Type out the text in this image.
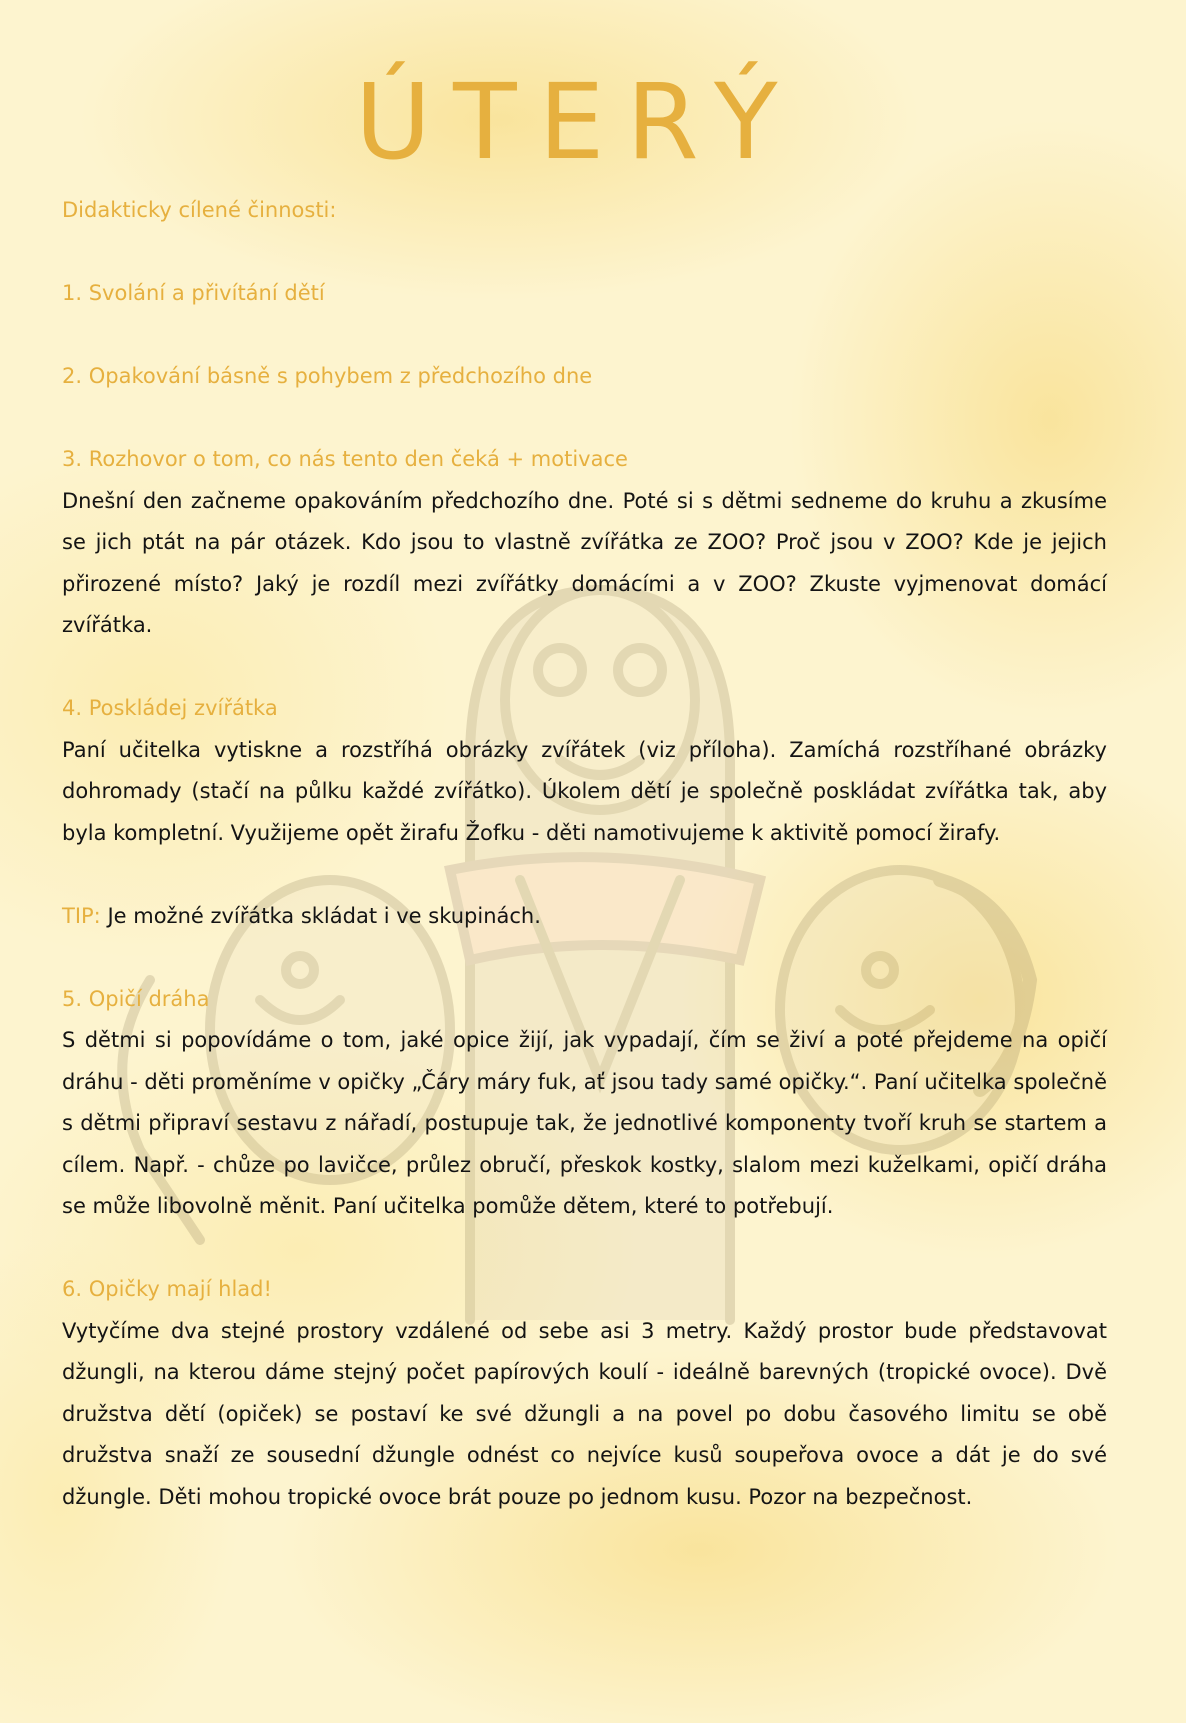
ÚTERÝ

Didakticky cílené činnosti:

1. Svolání a přivítání dětí

2. Opakování básně s pohybem z předchozího dne

3. Rozhovor o tom, co nás tento den čeká + motivace

Dnešní den začneme opakováním předchozího dne. Poté si s dětmi sedneme do kruhu a zkusíme se jich ptát na pár otázek. Kdo jsou to vlastně zvířátka ze ZOO? Proč jsou v ZOO? Kde je jejich přirozené místo? Jaký je rozdíl mezi zvířátky domácími a v ZOO? Zkuste vyjmenovat domácí zvířátka.

4. Poskládej zvířátka

Paní učitelka vytiskne a rozstříhá obrázky zvířátek (viz příloha). Zamíchá rozstříhané obrázky dohromady (stačí na půlku každé zvířátko). Úkolem dětí je společně poskládat zvířátka tak, aby byla kompletní. Využijeme opět žirafu Žofku - děti namotivujeme k aktivitě pomocí žirafy.

TIP: Je možné zvířátka skládat i ve skupinách.

5. Opičí dráha

S dětmi si popovídáme o tom, jaké opice žijí, jak vypadají, čím se živí a poté přejdeme na opičí dráhu - děti proměníme v opičky „Čáry máry fuk, ať jsou tady samé opičky.“. Paní učitelka společně s dětmi připraví sestavu z nářadí, postupuje tak, že jednotlivé komponenty tvoří kruh se startem a cílem. Např. - chůze po lavičce, průlez obručí, přeskok kostky, slalom mezi kuželkami, opičí dráha se může libovolně měnit. Paní učitelka pomůže dětem, které to potřebují.

6. Opičky mají hlad!

Vytyčíme dva stejné prostory vzdálené od sebe asi 3 metry. Každý prostor bude představovat džungli, na kterou dáme stejný počet papírových koulí - ideálně barevných (tropické ovoce). Dvě družstva dětí (opiček) se postaví ke své džungli a na povel po dobu časového limitu se obě družstva snaží ze sousední džungle odnést co nejvíce kusů soupeřova ovoce a dát je do své džungle. Děti mohou tropické ovoce brát pouze po jednom kusu. Pozor na bezpečnost.
